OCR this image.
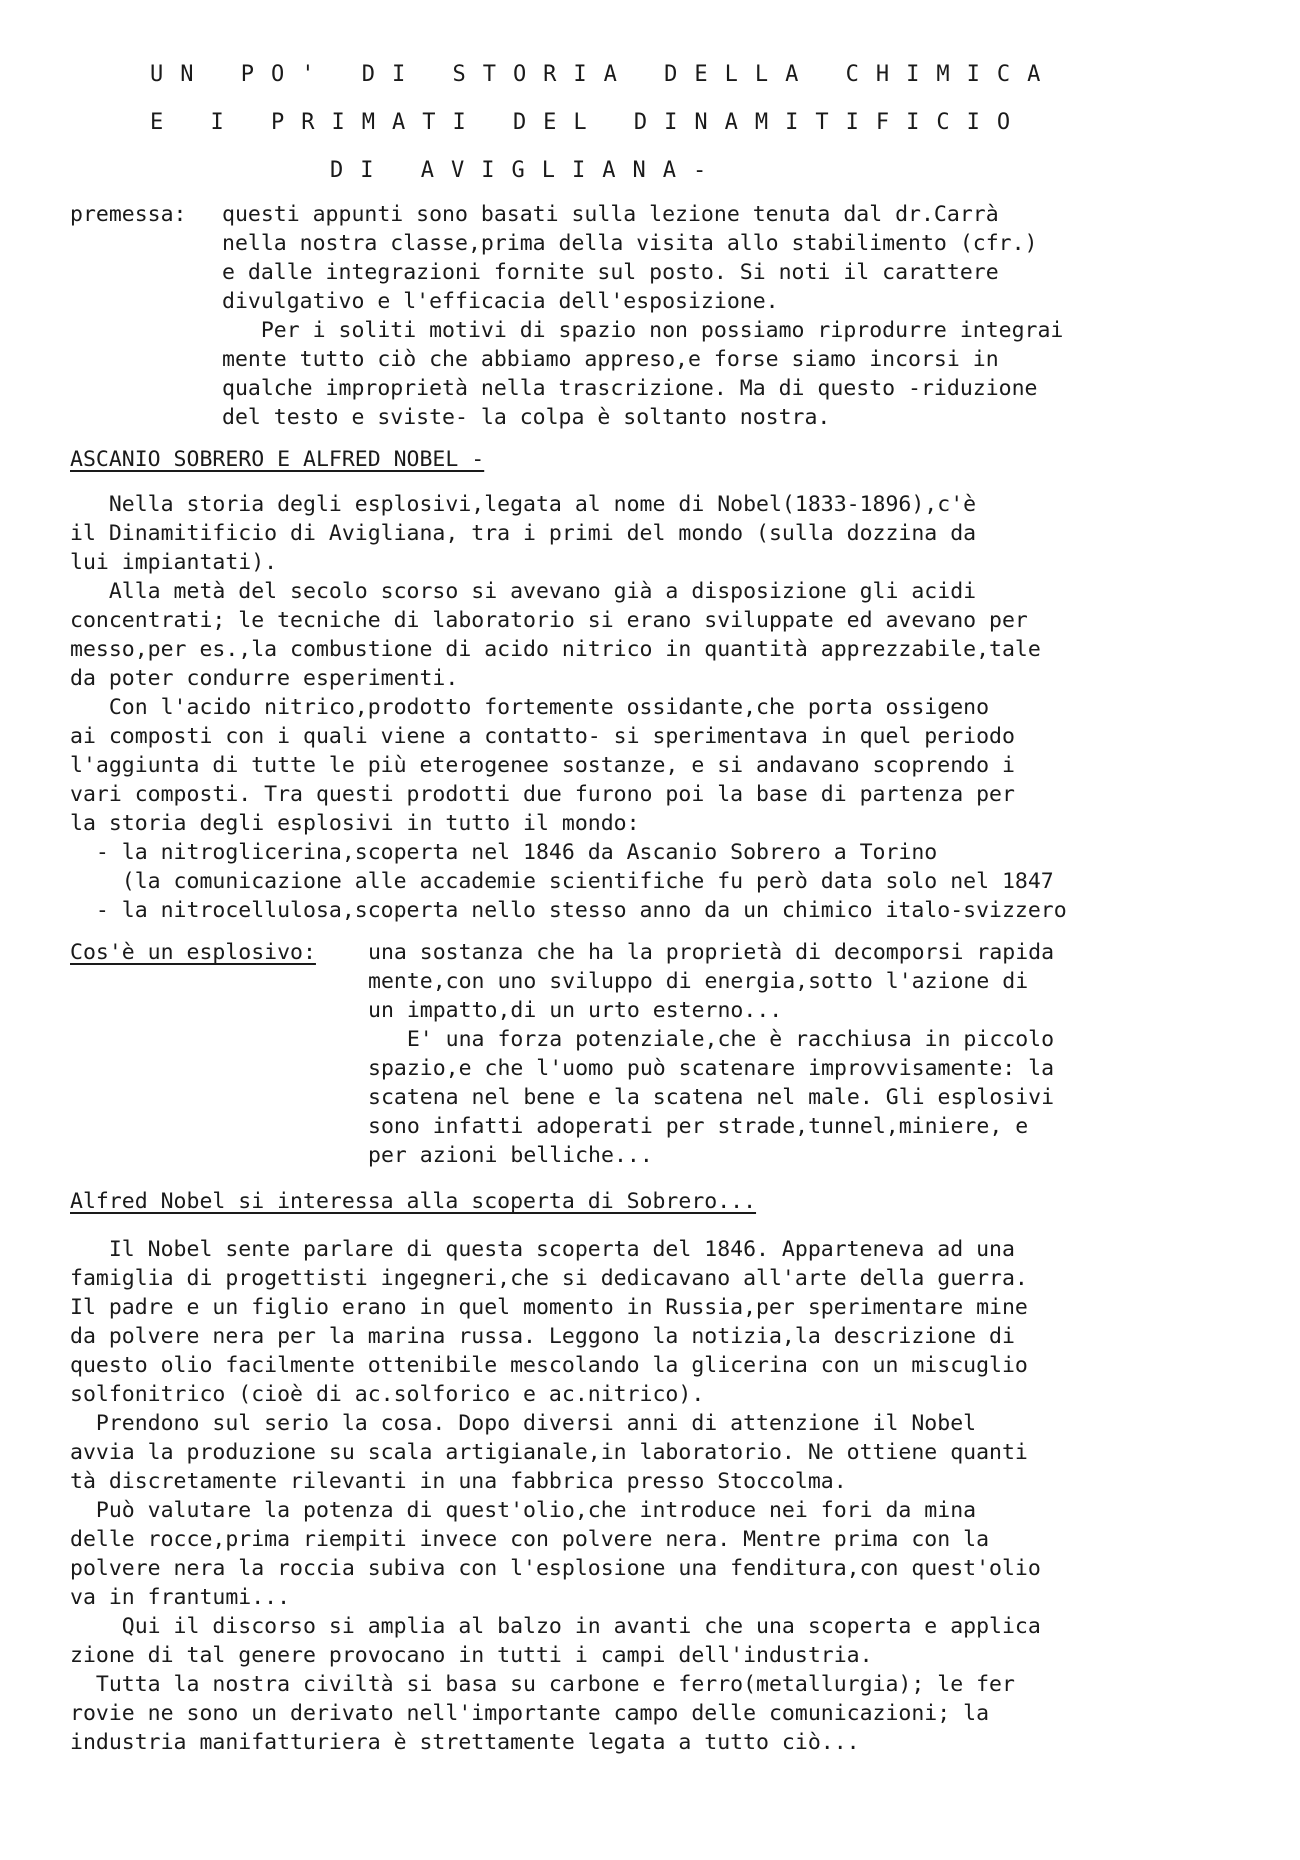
UN PO' DI STORIA DELLA CHIMICA
E I PRIMATI DEL DINAMITIFICIO
DI AVIGLIANA-
premessa: questi appunti sono basati sulla lezione tenuta dal dr.Carrà
nella nostra classe,prima della visita allo stabilimento (cfr.)
e dalle integrazioni fornite sul posto. Si noti il carattere
divulgativo e l'efficacia dell'esposizione.
Per i soliti motivi di spazio non possiamo riprodurre integrai
mente tutto ciò che abbiamo appreso,e forse siamo incorsi in
qualche improprietà nella trascrizione. Ma di questo -riduzione
del testo e sviste- la colpa è soltanto nostra.
ASCANIO SOBRERO E ALFRED NOBEL -
Nella storia degli esplosivi,legata al nome di Nobel(1833-1896),c'è
il Dinamitificio di Avigliana, tra i primi del mondo (sulla dozzina da
lui impiantati).
Alla metà del secolo scorso si avevano già a disposizione gli acidi
concentrati; le tecniche di laboratorio si erano sviluppate ed avevano per
messo,per es.,la combustione di acido nitrico in quantità apprezzabile,tale
da poter condurre esperimenti.
Con l'acido nitrico,prodotto fortemente ossidante,che porta ossigeno
ai composti con i quali viene a contatto- si sperimentava in quel periodo
l'aggiunta di tutte le più eterogenee sostanze, e si andavano scoprendo i
vari composti. Tra questi prodotti due furono poi la base di partenza per
la storia degli esplosivi in tutto il mondo:
- la nitroglicerina,scoperta nel 1846 da Ascanio Sobrero a Torino
(la comunicazione alle accademie scientifiche fu però data solo nel 1847
- la nitrocellulosa,scoperta nello stesso anno da un chimico italo-svizzero
Cos'è un esplosivo: una sostanza che ha la proprietà di decomporsi rapida
mente,con uno sviluppo di energia,sotto l'azione di
un impatto,di un urto esterno...
E' una forza potenziale,che è racchiusa in piccolo
spazio,e che l'uomo può scatenare improvvisamente: la
scatena nel bene e la scatena nel male. Gli esplosivi
sono infatti adoperati per strade,tunnel,miniere, e
per azioni belliche...
Alfred Nobel si interessa alla scoperta di Sobrero...
Il Nobel sente parlare di questa scoperta del 1846. Apparteneva ad una
famiglia di progettisti ingegneri,che si dedicavano all'arte della guerra.
Il padre e un figlio erano in quel momento in Russia,per sperimentare mine
da polvere nera per la marina russa. Leggono la notizia,la descrizione di
questo olio facilmente ottenibile mescolando la glicerina con un miscuglio
solfonitrico (cioè di ac.solforico e ac.nitrico).
Prendono sul serio la cosa. Dopo diversi anni di attenzione il Nobel
avvia la produzione su scala artigianale,in laboratorio. Ne ottiene quanti
tà discretamente rilevanti in una fabbrica presso Stoccolma.
Può valutare la potenza di quest'olio,che introduce nei fori da mina
delle rocce,prima riempiti invece con polvere nera. Mentre prima con la
polvere nera la roccia subiva con l'esplosione una fenditura,con quest'olio
va in frantumi...
Qui il discorso si amplia al balzo in avanti che una scoperta e applica
zione di tal genere provocano in tutti i campi dell'industria.
Tutta la nostra civiltà si basa su carbone e ferro(metallurgia); le fer
rovie ne sono un derivato nell'importante campo delle comunicazioni; la
industria manifatturiera è strettamente legata a tutto ciò...
